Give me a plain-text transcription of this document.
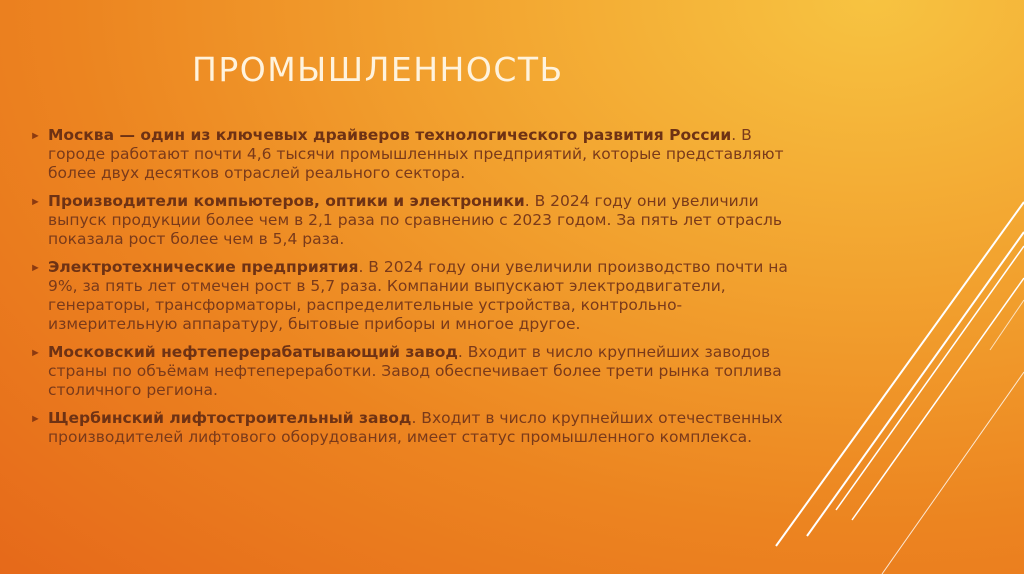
ПРОМЫШЛЕННОСТЬ
► Москва — один из ключевых драйверов технологического развития России. В городе работают почти 4,6 тысячи промышленных предприятий, которые представляют более двух десятков отраслей реального сектора.
► Производители компьютеров, оптики и электроники. В 2024 году они увеличили выпуск продукции более чем в 2,1 раза по сравнению с 2023 годом. За пять лет отрасль показала рост более чем в 5,4 раза.
► Электротехнические предприятия. В 2024 году они увеличили производство почти на 9%, за пять лет отмечен рост в 5,7 раза. Компании выпускают электродвигатели, генераторы, трансформаторы, распределительные устройства, контрольно-измерительную аппаратуру, бытовые приборы и многое другое.
► Московский нефтеперерабатывающий завод. Входит в число крупнейших заводов страны по объёмам нефтепереработки. Завод обеспечивает более трети рынка топлива столичного региона.
► Щербинский лифтостроительный завод. Входит в число крупнейших отечественных производителей лифтового оборудования, имеет статус промышленного комплекса.
